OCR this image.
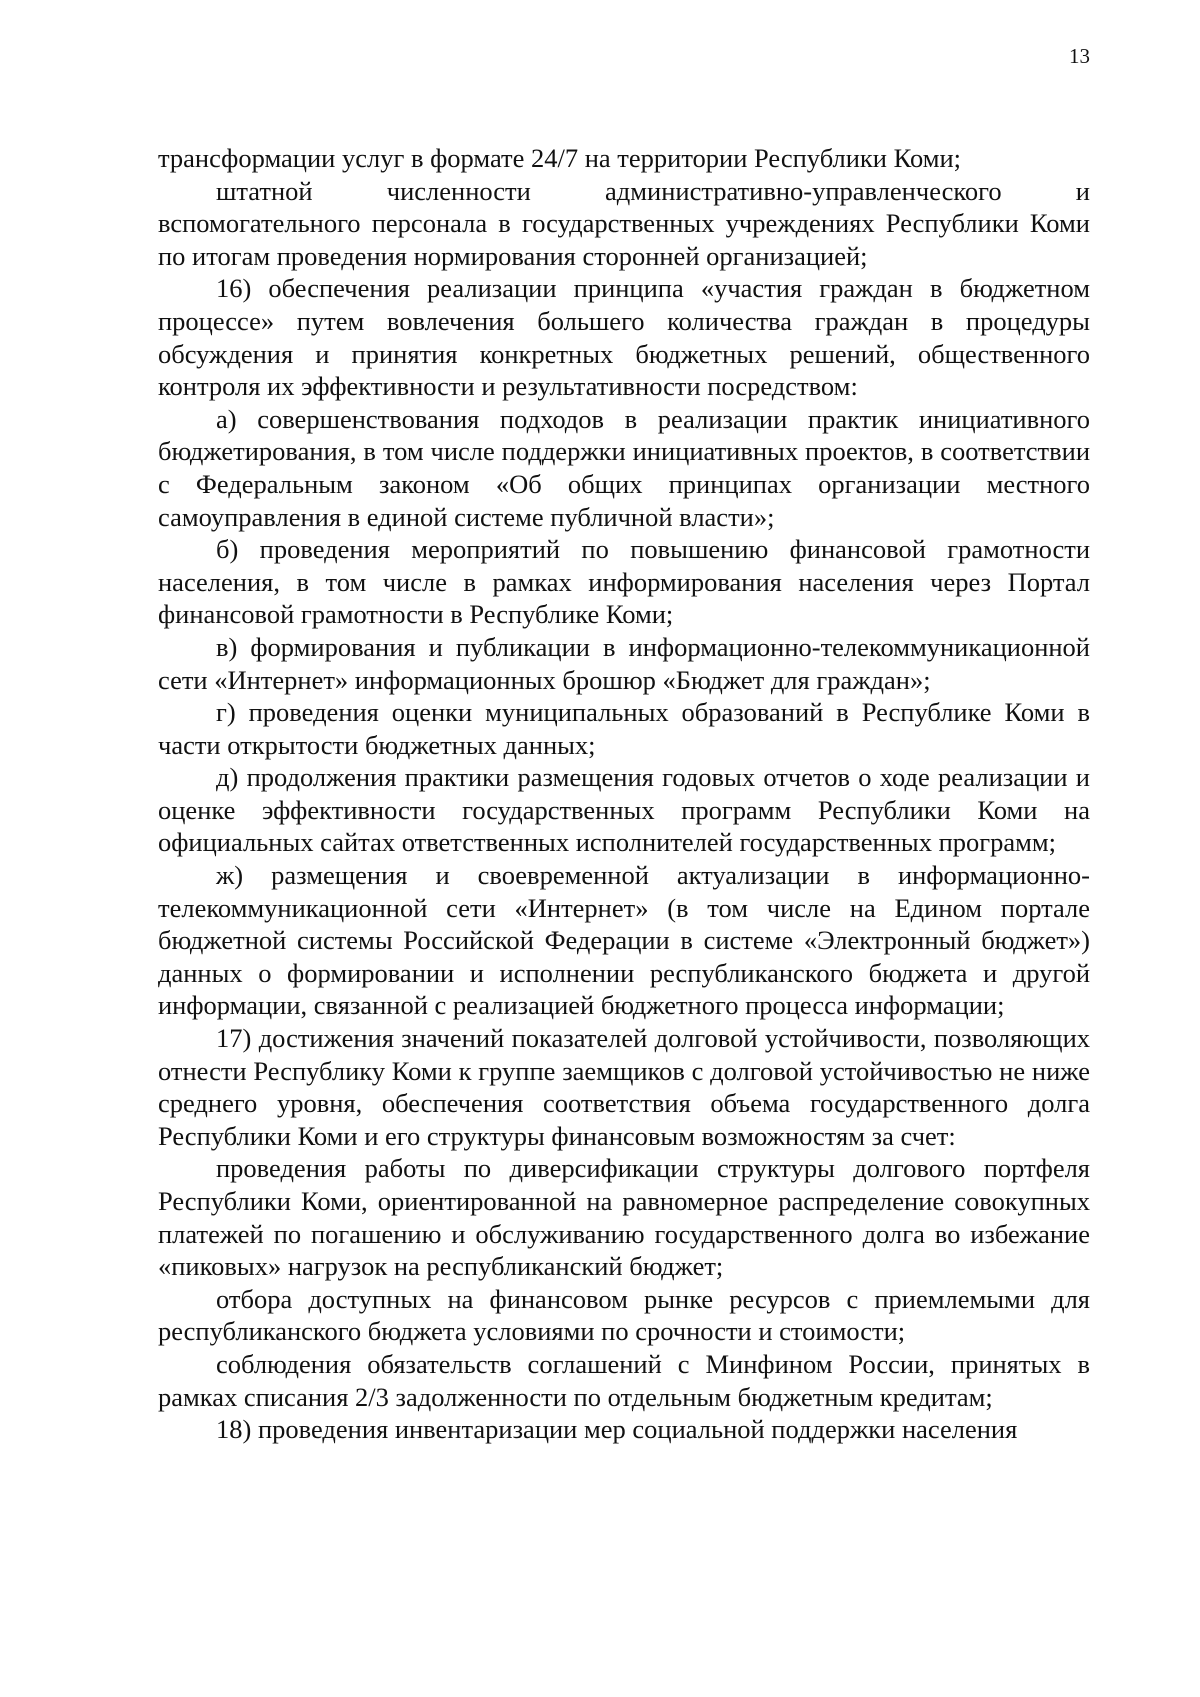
13

трансформации услуг в формате 24/7 на территории Республики Коми;

штатной численности административно-управленческого и вспомогательного персонала в государственных учреждениях Республики Коми по итогам проведения нормирования сторонней организацией;

16) обеспечения реализации принципа «участия граждан в бюджетном процессе» путем вовлечения большего количества граждан в процедуры обсуждения и принятия конкретных бюджетных решений, общественного контроля их эффективности и результативности посредством:

а) совершенствования подходов в реализации практик инициативного бюджетирования, в том числе поддержки инициативных проектов, в соответствии с Федеральным законом «Об общих принципах организации местного самоуправления в единой системе публичной власти»;

б) проведения мероприятий по повышению финансовой грамотности населения, в том числе в рамках информирования населения через Портал финансовой грамотности в Республике Коми;

в) формирования и публикации в информационно-телекоммуникационной сети «Интернет» информационных брошюр «Бюджет для граждан»;

г) проведения оценки муниципальных образований в Республике Коми в части открытости бюджетных данных;

д) продолжения практики размещения годовых отчетов о ходе реализации и оценке эффективности государственных программ Республики Коми на официальных сайтах ответственных исполнителей государственных программ;

ж) размещения и своевременной актуализации в информационно-телекоммуникационной сети «Интернет» (в том числе на Едином портале бюджетной системы Российской Федерации в системе «Электронный бюджет») данных о формировании и исполнении республиканского бюджета и другой информации, связанной с реализацией бюджетного процесса информации;

17) достижения значений показателей долговой устойчивости, позволяющих отнести Республику Коми к группе заемщиков с долговой устойчивостью не ниже среднего уровня, обеспечения соответствия объема государственного долга Республики Коми и его структуры финансовым возможностям за счет:

проведения работы по диверсификации структуры долгового портфеля Республики Коми, ориентированной на равномерное распределение совокупных платежей по погашению и обслуживанию государственного долга во избежание «пиковых» нагрузок на республиканский бюджет;

отбора доступных на финансовом рынке ресурсов с приемлемыми для республиканского бюджета условиями по срочности и стоимости;

соблюдения обязательств соглашений с Минфином России, принятых в рамках списания 2/3 задолженности по отдельным бюджетным кредитам;

18) проведения инвентаризации мер социальной поддержки населения
